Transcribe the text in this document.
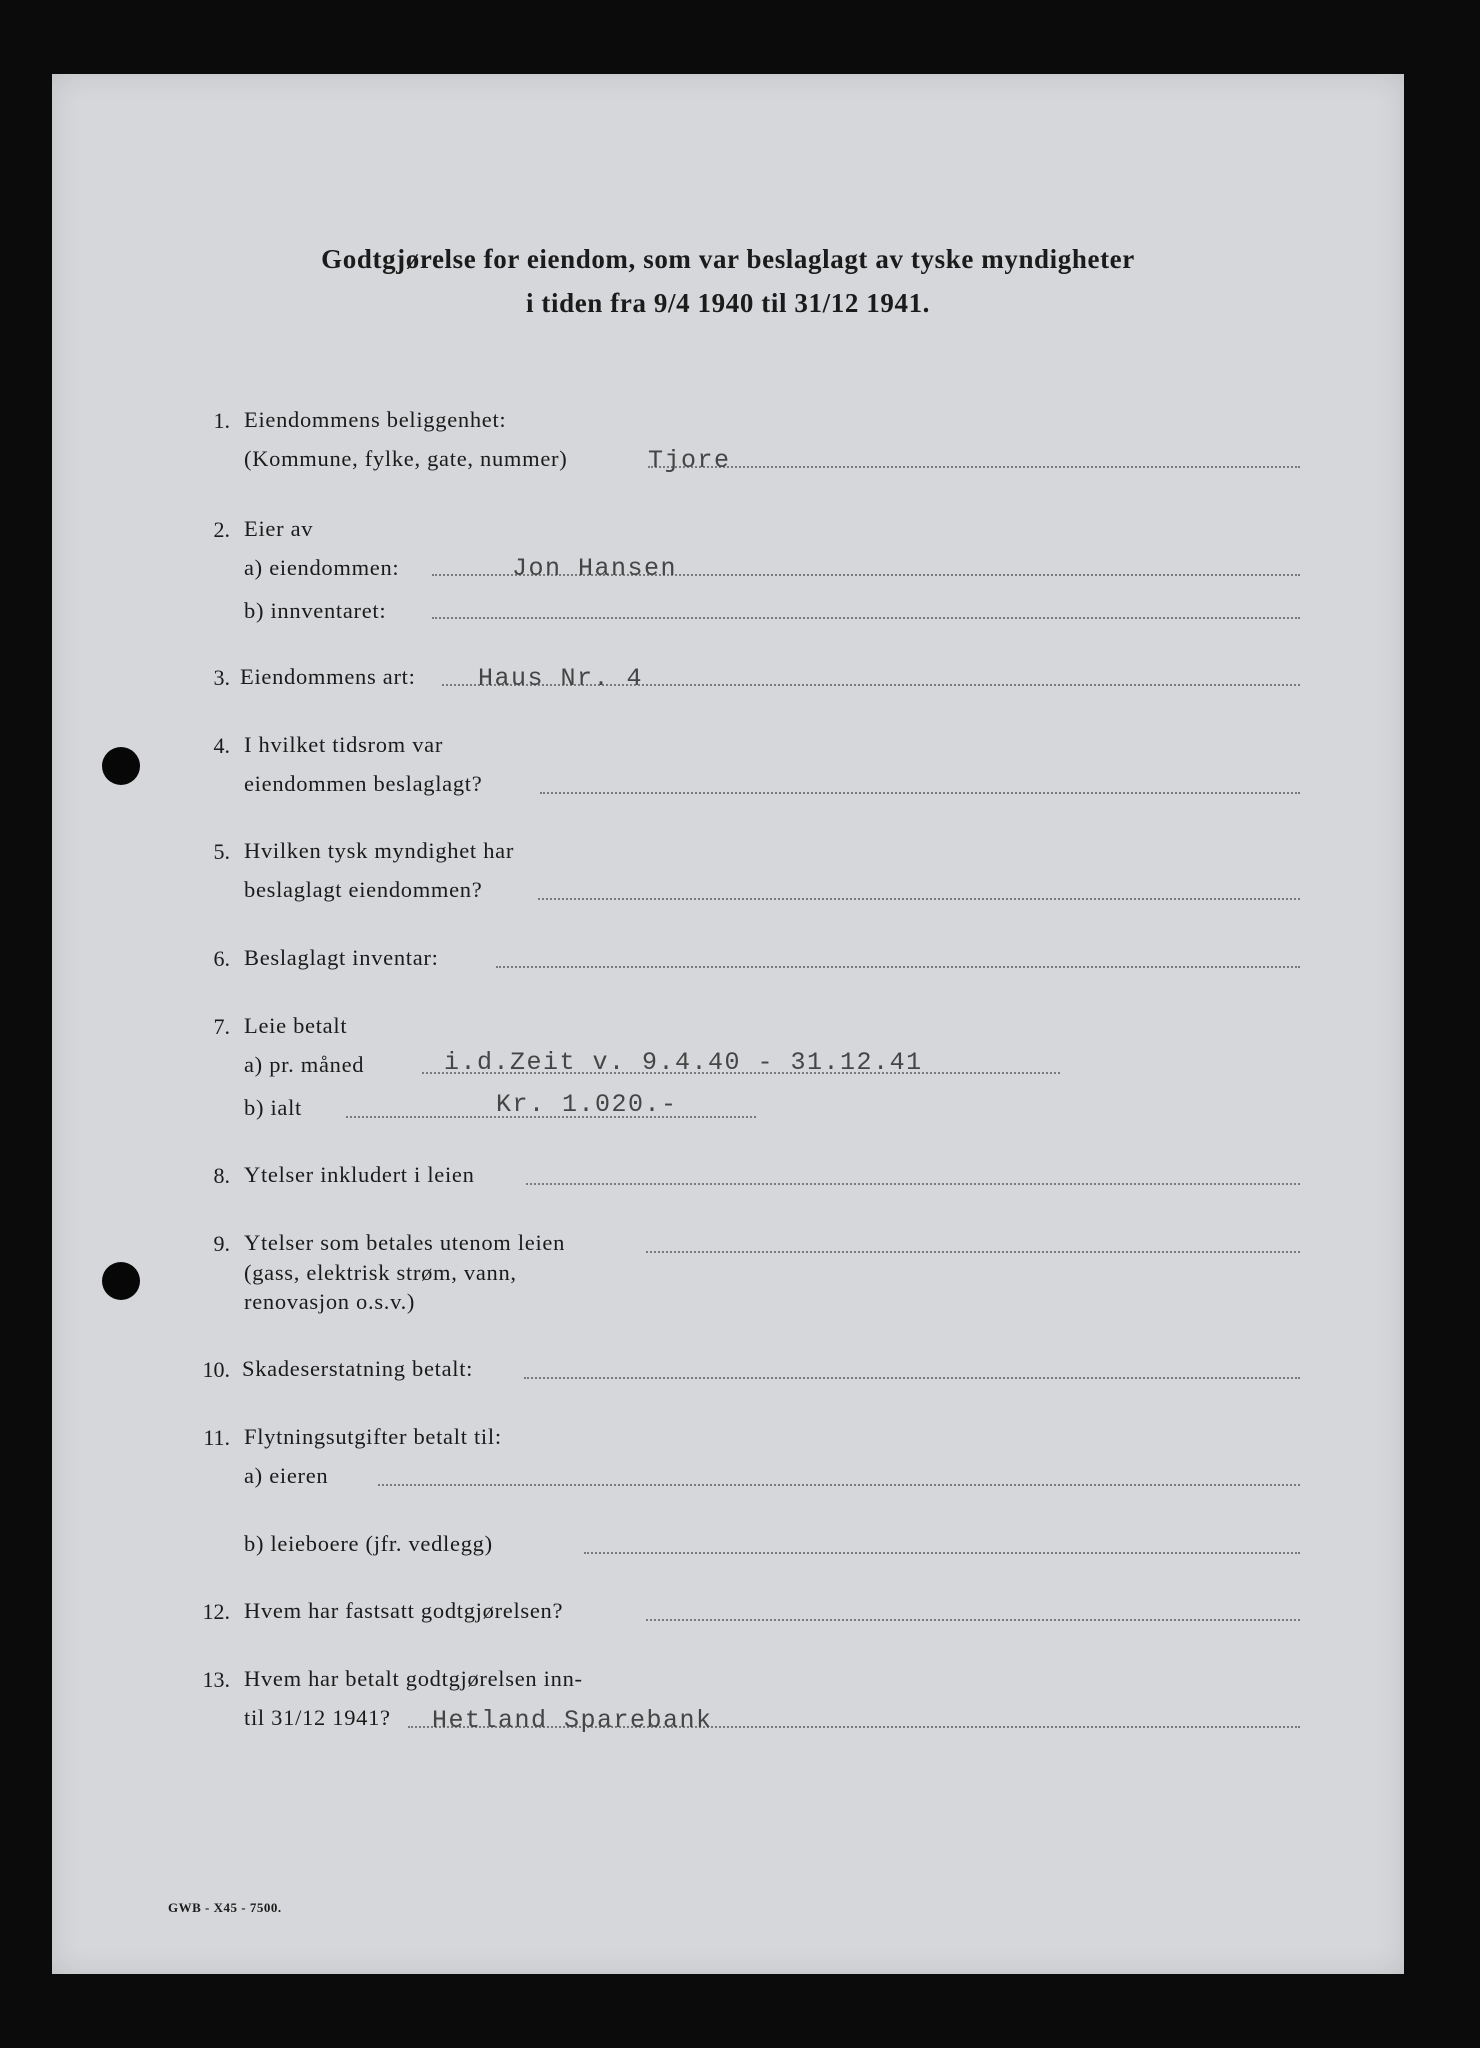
Godtgjørelse for eiendom, som var beslaglagt av tyske myndigheter
i tiden fra 9/4 1940 til 31/12 1941.
1. Eiendommens beliggenhet:
(Kommune, fylke, gate, nummer)	Tjore
2. Eier av
a) eiendommen:	Jon Hansen
b) innventaret:
3. Eiendommens art: Haus Nr. 4
4. I hvilket tidsrom var
eiendommen beslaglagt?
5. Hvilken tysk myndighet har
beslaglagt eiendommen?
6. Beslaglagt inventar:
7. Leie betalt
a) pr. måned	i.d.Zeit v. 9.4.40 - 31.12.41
b) ialt	Kr. 1.020.-
8. Ytelser inkludert i leien
9. Ytelser som betales utenom leien
(gass, elektrisk strøm, vann,
renovasjon o.s.v.)
10. Skadeserstatning betalt:
11. Flytningsutgifter betalt til:
a) eieren
b) leieboere (jfr. vedlegg)
12. Hvem har fastsatt godtgjørelsen?
13. Hvem har betalt godtgjørelsen inn-
til 31/12 1941? Hetland Sparebank
GWB - X45 - 7500.
